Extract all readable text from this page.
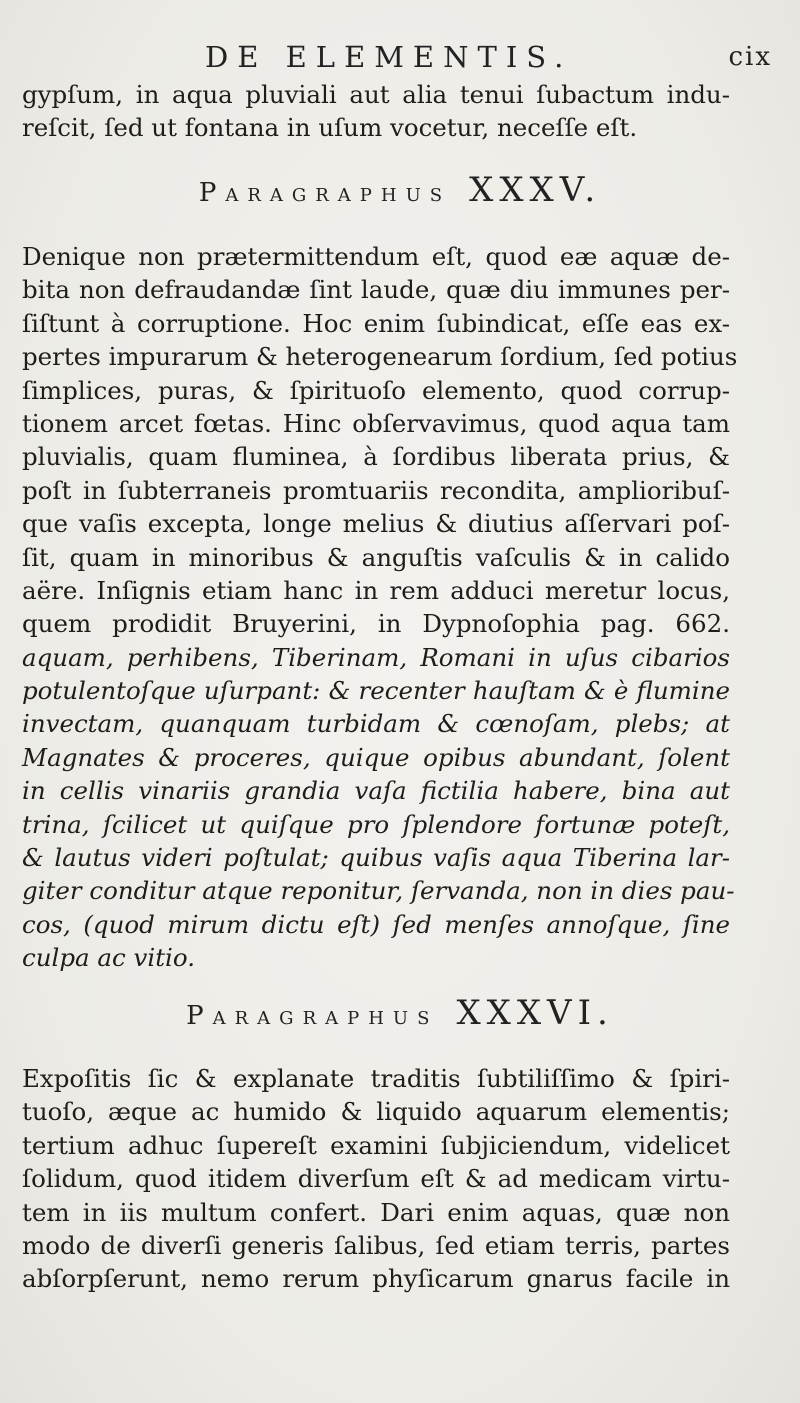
DE ELEMENTIS.	cix
gypſum, in aqua pluviali aut alia tenui ſubactum indu-
reſcit, ſed ut fontana in uſum vocetur, neceſſe eſt.
Paragraphus XXXV.
Denique non prætermittendum eſt, quod eæ aquæ de-
bita non defraudandæ ſint laude, quæ diu immunes per-
ſiſtunt à corruptione. Hoc enim ſubindicat, eſſe eas ex-
pertes impurarum & heterogenearum ſordium, ſed potius
ſimplices, puras, & ſpirituoſo elemento, quod corrup-
tionem arcet fœtas. Hinc obſervavimus, quod aqua tam
pluvialis, quam fluminea, à ſordibus liberata prius, &
poſt in ſubterraneis promtuariis recondita, amplioribuſ-
que vaſis excepta, longe melius & diutius aſſervari poſ-
ſit, quam in minoribus & anguſtis vaſculis & in calido
aëre. Inſignis etiam hanc in rem adduci meretur locus,
quem prodidit Bruyerini, in Dypnoſophia pag. 662.
aquam, perhibens, Tiberinam, Romani in uſus cibarios
potulentoſque uſurpant: & recenter hauſtam & è flumine
invectam, quanquam turbidam & cœnoſam, plebs; at
Magnates & proceres, quique opibus abundant, ſolent
in cellis vinariis grandia vaſa fictilia habere, bina aut
trina, ſcilicet ut quiſque pro ſplendore fortunæ poteſt,
& lautus videri poſtulat; quibus vaſis aqua Tiberina lar-
giter conditur atque reponitur, ſervanda, non in dies pau-
cos, (quod mirum dictu eſt) ſed menſes annoſque, ſine
culpa ac vitio.
Paragraphus XXXVI.
Expoſitis ſic & explanate traditis ſubtiliſſimo & ſpiri-
tuoſo, æque ac humido & liquido aquarum elementis;
tertium adhuc ſupereſt examini ſubjiciendum, videlicet
ſolidum, quod itidem diverſum eſt & ad medicam virtu-
tem in iis multum confert. Dari enim aquas, quæ non
modo de diverſi generis ſalibus, ſed etiam terris, partes
abſorpſerunt, nemo rerum phyſicarum gnarus facile in
